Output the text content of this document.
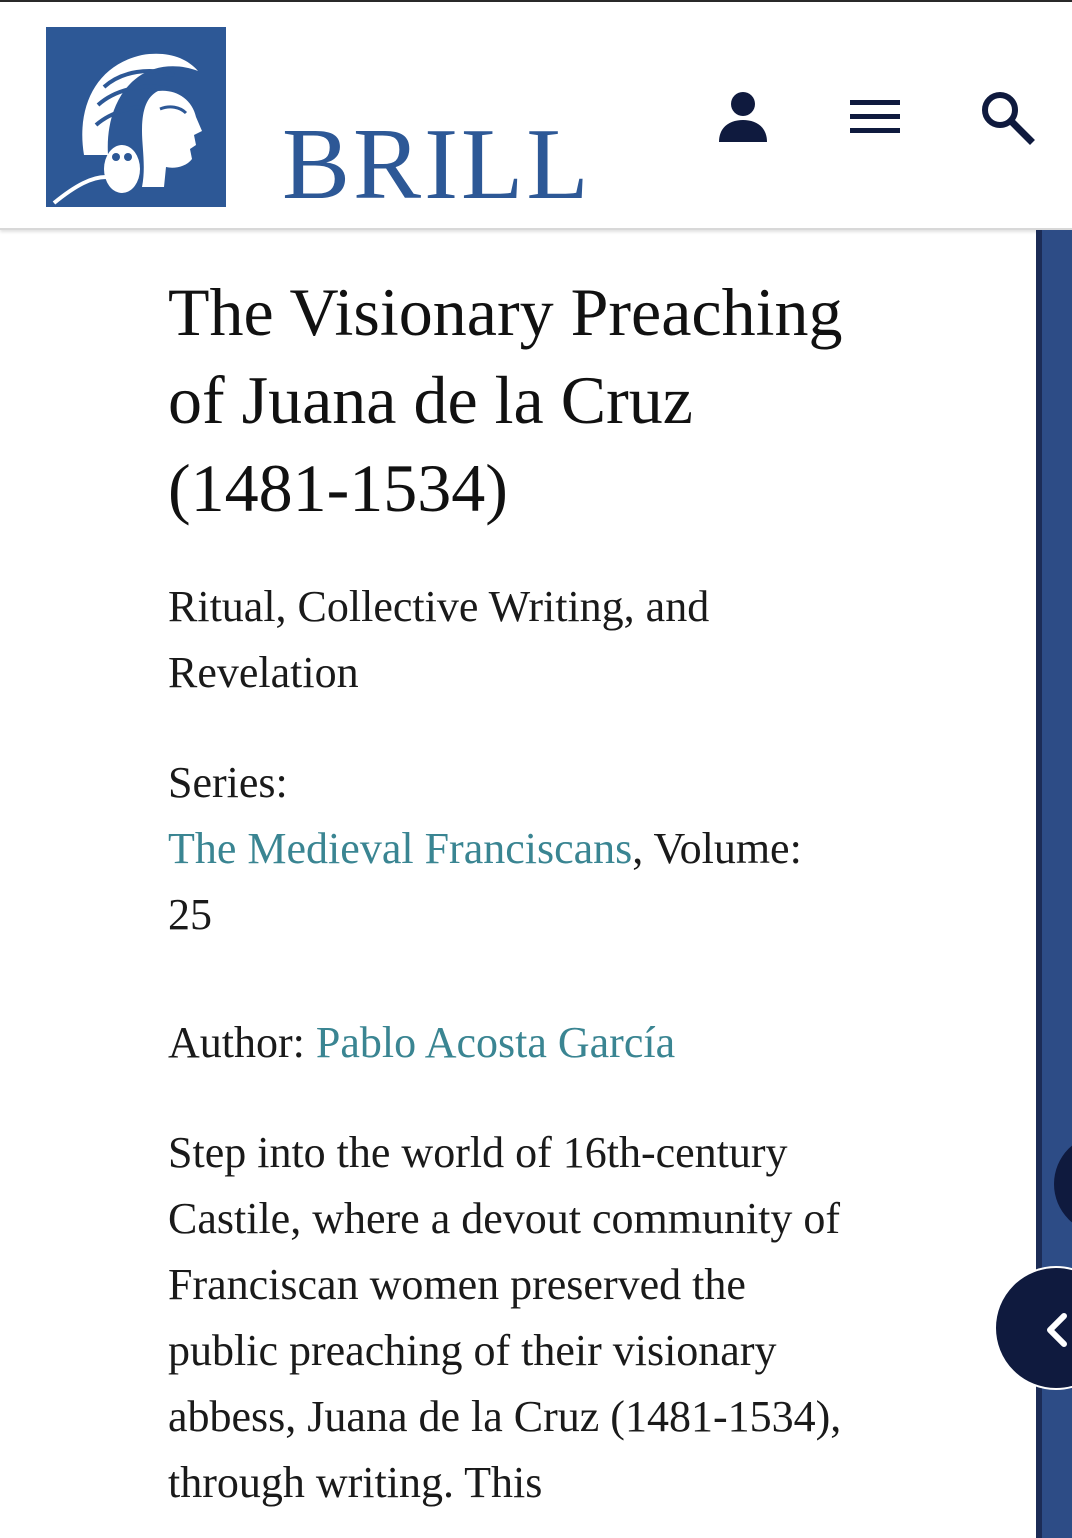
BRILL
The Visionary Preaching of Juana de la Cruz (1481-1534)
Ritual, Collective Writing, and Revelation
Series:
The Medieval Franciscans, Volume:
25
Author: Pablo Acosta García
Step into the world of 16th-century Castile, where a devout community of Franciscan women preserved the public preaching of their visionary abbess, Juana de la Cruz (1481-1534), through writing. This
